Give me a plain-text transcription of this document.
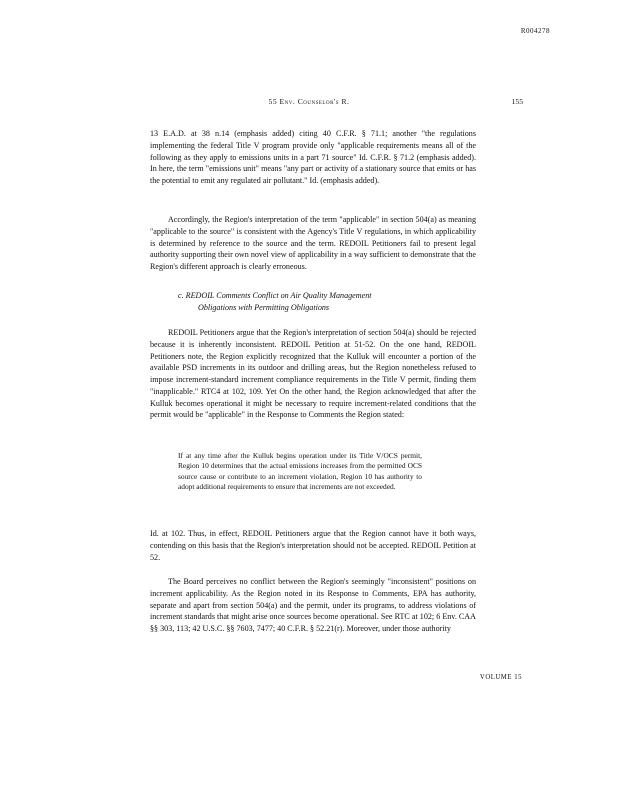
R004278
55 Env. Counselor's R.	155

13 E.A.D. at 38 n.14 (emphasis added) citing 40 C.F.R. § 71.1; another "the regulations implementing the federal Title V program provide only "applicable requirements means all of the following as they apply to emissions units in a part 71 source" Id. C.F.R. § 71.2 (emphasis added). In here, the term "emissions unit" means "any part or activity of a stationary source that emits or has the potential to emit any regulated air pollutant." Id. (emphasis added).

Accordingly, the Region's interpretation of the term "applicable" in section 504(a) as meaning "applicable to the source" is consistent with the Agency's Title V regulations, in which applicability is determined by reference to the source and the term. REDOIL Petitioners fail to present legal authority supporting their own novel view of applicability in a way sufficient to demonstrate that the Region's different approach is clearly erroneous.

c. REDOIL Comments Conflict on Air Quality Management
Obligations with Permitting Obligations

REDOIL Petitioners argue that the Region's interpretation of section 504(a) should be rejected because it is inherently inconsistent. REDOIL Petition at 51-52. On the one hand, REDOIL Petitioners note, the Region explicitly recognized that the Kulluk will encounter a portion of the available PSD increments in its outdoor and drilling areas, but the Region nonetheless refused to impose increment-standard increment compliance requirements in the Title V permit, finding them "inapplicable." RTC4 at 102, 109. Yet On the other hand, the Region acknowledged that after the Kulluk becomes operational it might be necessary to require increment-related conditions that the permit would be "applicable" in the Response to Comments the Region stated:

If at any time after the Kulluk begins operation under its Title V/OCS permit, Region 10 determines that the actual emissions increases from the permitted OCS source cause or contribute to an increment violation, Region 10 has authority to adopt additional requirements to ensure that increments are not exceeded.

Id. at 102. Thus, in effect, REDOIL Petitioners argue that the Region cannot have it both ways, contending on this basis that the Region's interpretation should not be accepted. REDOIL Petition at 52.

The Board perceives no conflict between the Region's seemingly "inconsistent" positions on increment applicability. As the Region noted in its Response to Comments, EPA has authority, separate and apart from section 504(a) and the permit, under its programs, to address violations of increment standards that might arise once sources become operational. See RTC at 102; 6 Env. CAA §§ 303, 113; 42 U.S.C. §§ 7603, 7477; 40 C.F.R. § 52.21(r). Moreover, under those authority

VOLUME 15
